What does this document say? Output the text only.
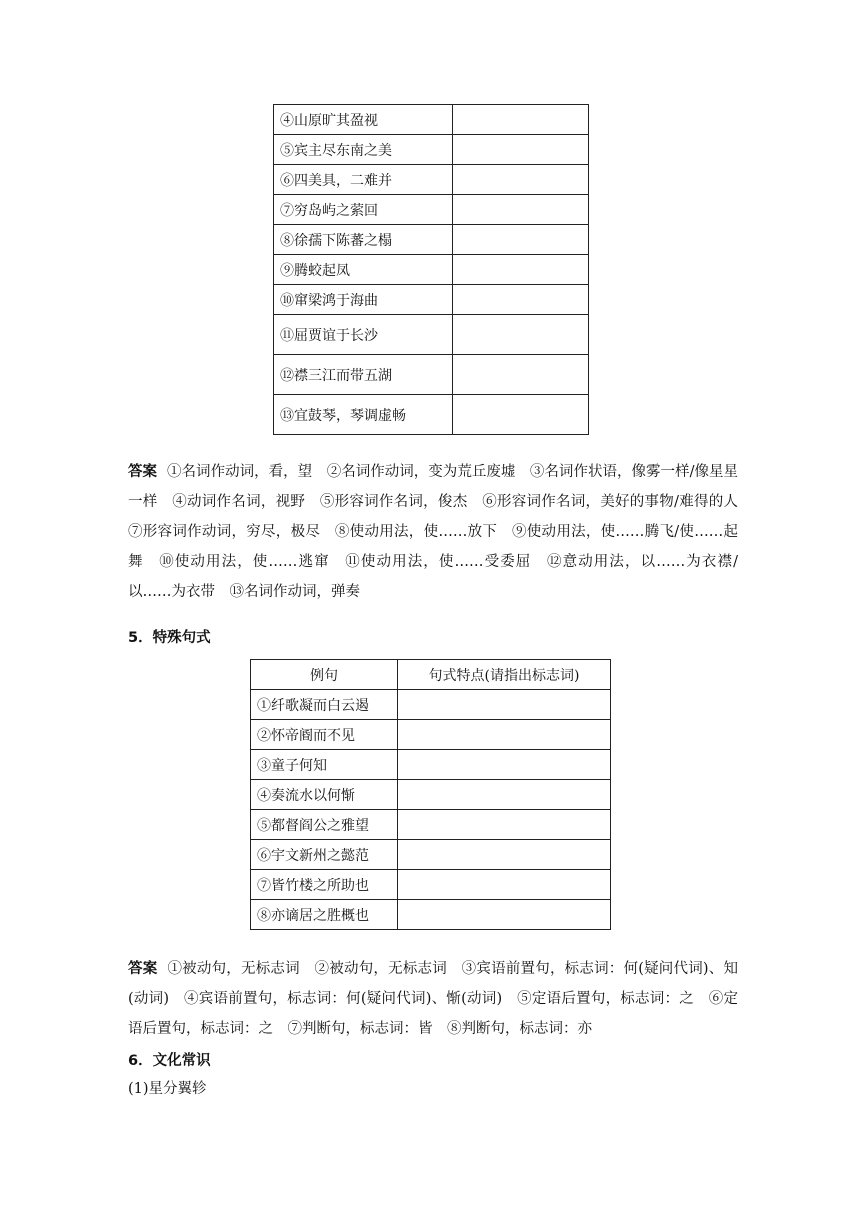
④山原旷其盈视	
⑤宾主尽东南之美	
⑥四美具，二难并	
⑦穷岛屿之萦回	
⑧徐孺下陈蕃之榻	
⑨腾蛟起凤	
⑩窜梁鸿于海曲	
⑪屈贾谊于长沙	
⑫襟三江而带五湖	
⑬宜鼓琴，琴调虚畅	
答案 ①名词作动词，看，望　②名词作动词，变为荒丘废墟　③名词作状语，像雾一样/像星星一样　④动词作名词，视野　⑤形容词作名词，俊杰　⑥形容词作名词，美好的事物/难得的人　⑦形容词作动词，穷尽，极尽　⑧使动用法，使……放下　⑨使动用法，使……腾飞/使……起舞　⑩使动用法，使……逃窜　⑪使动用法，使……受委屈　⑫意动用法，以……为衣襟/以……为衣带　⑬名词作动词，弹奏
5．特殊句式
例句	句式特点(请指出标志词)
①纤歌凝而白云遏	
②怀帝阍而不见	
③童子何知	
④奏流水以何惭	
⑤都督阎公之雅望	
⑥宇文新州之懿范	
⑦皆竹楼之所助也	
⑧亦谪居之胜概也	
答案 ①被动句，无标志词　②被动句，无标志词　③宾语前置句，标志词：何(疑问代词)、知(动词)　④宾语前置句，标志词：何(疑问代词)、惭(动词)　⑤定语后置句，标志词：之　⑥定语后置句，标志词：之　⑦判断句，标志词：皆　⑧判断句，标志词：亦
6．文化常识
(1)星分翼轸
